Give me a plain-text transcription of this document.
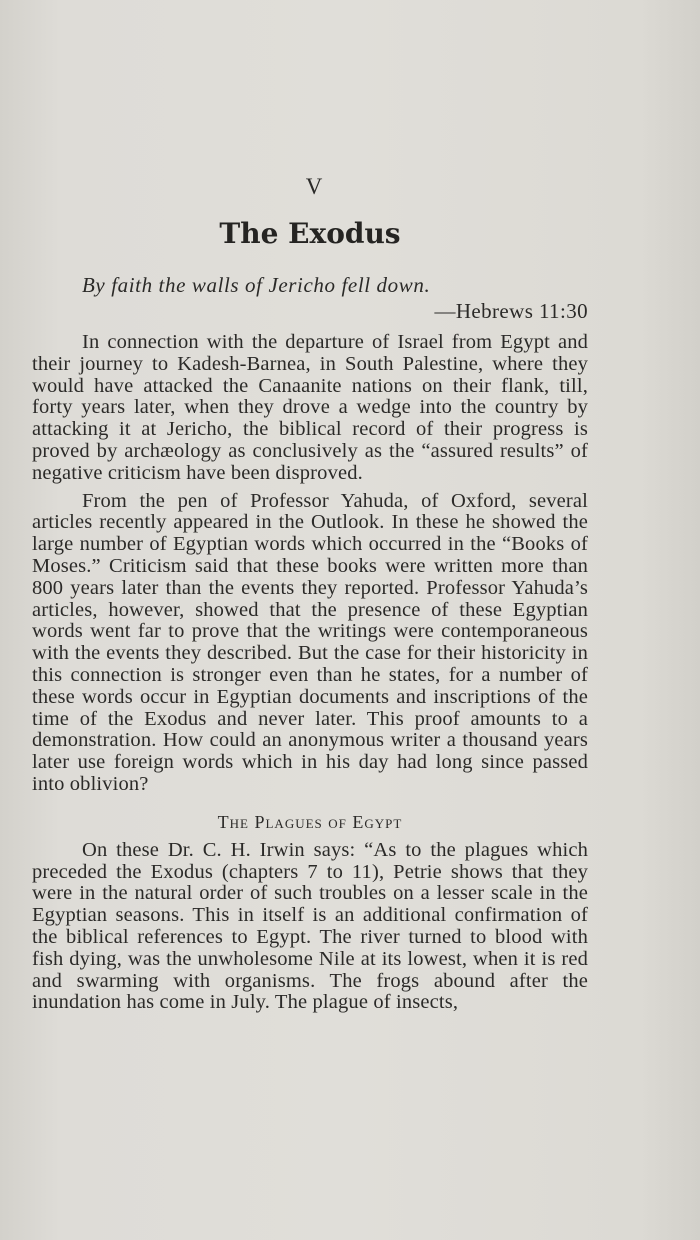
V
The Exodus
By faith the walls of Jericho fell down.
—Hebrews 11:30

In connection with the departure of Israel from Egypt and their journey to Kadesh-Barnea, in South Palestine, where they would have attacked the Canaanite nations on their flank, till, forty years later, when they drove a wedge into the country by attacking it at Jericho, the biblical record of their progress is proved by archæology as conclusively as the “assured results” of negative criticism have been disproved.

From the pen of Professor Yahuda, of Oxford, several articles recently appeared in the Outlook. In these he showed the large number of Egyptian words which occurred in the “Books of Moses.” Criticism said that these books were written more than 800 years later than the events they reported. Professor Yahuda’s articles, however, showed that the presence of these Egyptian words went far to prove that the writings were contemporaneous with the events they described. But the case for their historicity in this connection is stronger even than he states, for a number of these words occur in Egyptian documents and inscriptions of the time of the Exodus and never later. This proof amounts to a demonstration. How could an anonymous writer a thousand years later use foreign words which in his day had long since passed into oblivion?

The Plagues of Egypt

On these Dr. C. H. Irwin says: “As to the plagues which preceded the Exodus (chapters 7 to 11), Petrie shows that they were in the natural order of such troubles on a lesser scale in the Egyptian seasons. This in itself is an additional confirmation of the biblical references to Egypt. The river turned to blood with fish dying, was the unwholesome Nile at its lowest, when it is red and swarming with organisms. The frogs abound after the inundation has come in July. The plague of insects,
